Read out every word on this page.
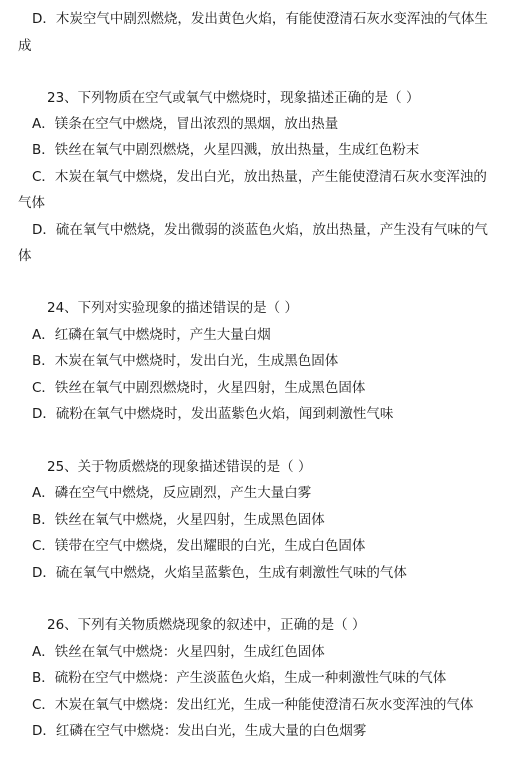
D．木炭空气中剧烈燃烧，发出黄色火焰，有能使澄清石灰水变浑浊的气体生
成
23、下列物质在空气或氧气中燃烧时，现象描述正确的是（ ）
A．镁条在空气中燃烧，冒出浓烈的黑烟，放出热量
B．铁丝在氧气中剧烈燃烧，火星四溅，放出热量，生成红色粉末
C．木炭在氧气中燃烧，发出白光，放出热量，产生能使澄清石灰水变浑浊的
气体
D．硫在氧气中燃烧，发出微弱的淡蓝色火焰，放出热量，产生没有气味的气
体
24、下列对实验现象的描述错误的是（ ）
A．红磷在氧气中燃烧时，产生大量白烟
B．木炭在氧气中燃烧时，发出白光，生成黑色固体
C．铁丝在氧气中剧烈燃烧时，火星四射，生成黑色固体
D．硫粉在氧气中燃烧时，发出蓝紫色火焰，闻到刺激性气味
25、关于物质燃烧的现象描述错误的是（ ）
A．磷在空气中燃烧，反应剧烈，产生大量白雾
B．铁丝在氧气中燃烧，火星四射，生成黑色固体
C．镁带在空气中燃烧，发出耀眼的白光，生成白色固体
D．硫在氧气中燃烧，火焰呈蓝紫色，生成有刺激性气味的气体
26、下列有关物质燃烧现象的叙述中，正确的是（ ）
A．铁丝在氧气中燃烧：火星四射，生成红色固体
B．硫粉在空气中燃烧：产生淡蓝色火焰，生成一种刺激性气味的气体
C．木炭在氧气中燃烧：发出红光，生成一种能使澄清石灰水变浑浊的气体
D．红磷在空气中燃烧：发出白光，生成大量的白色烟雾
